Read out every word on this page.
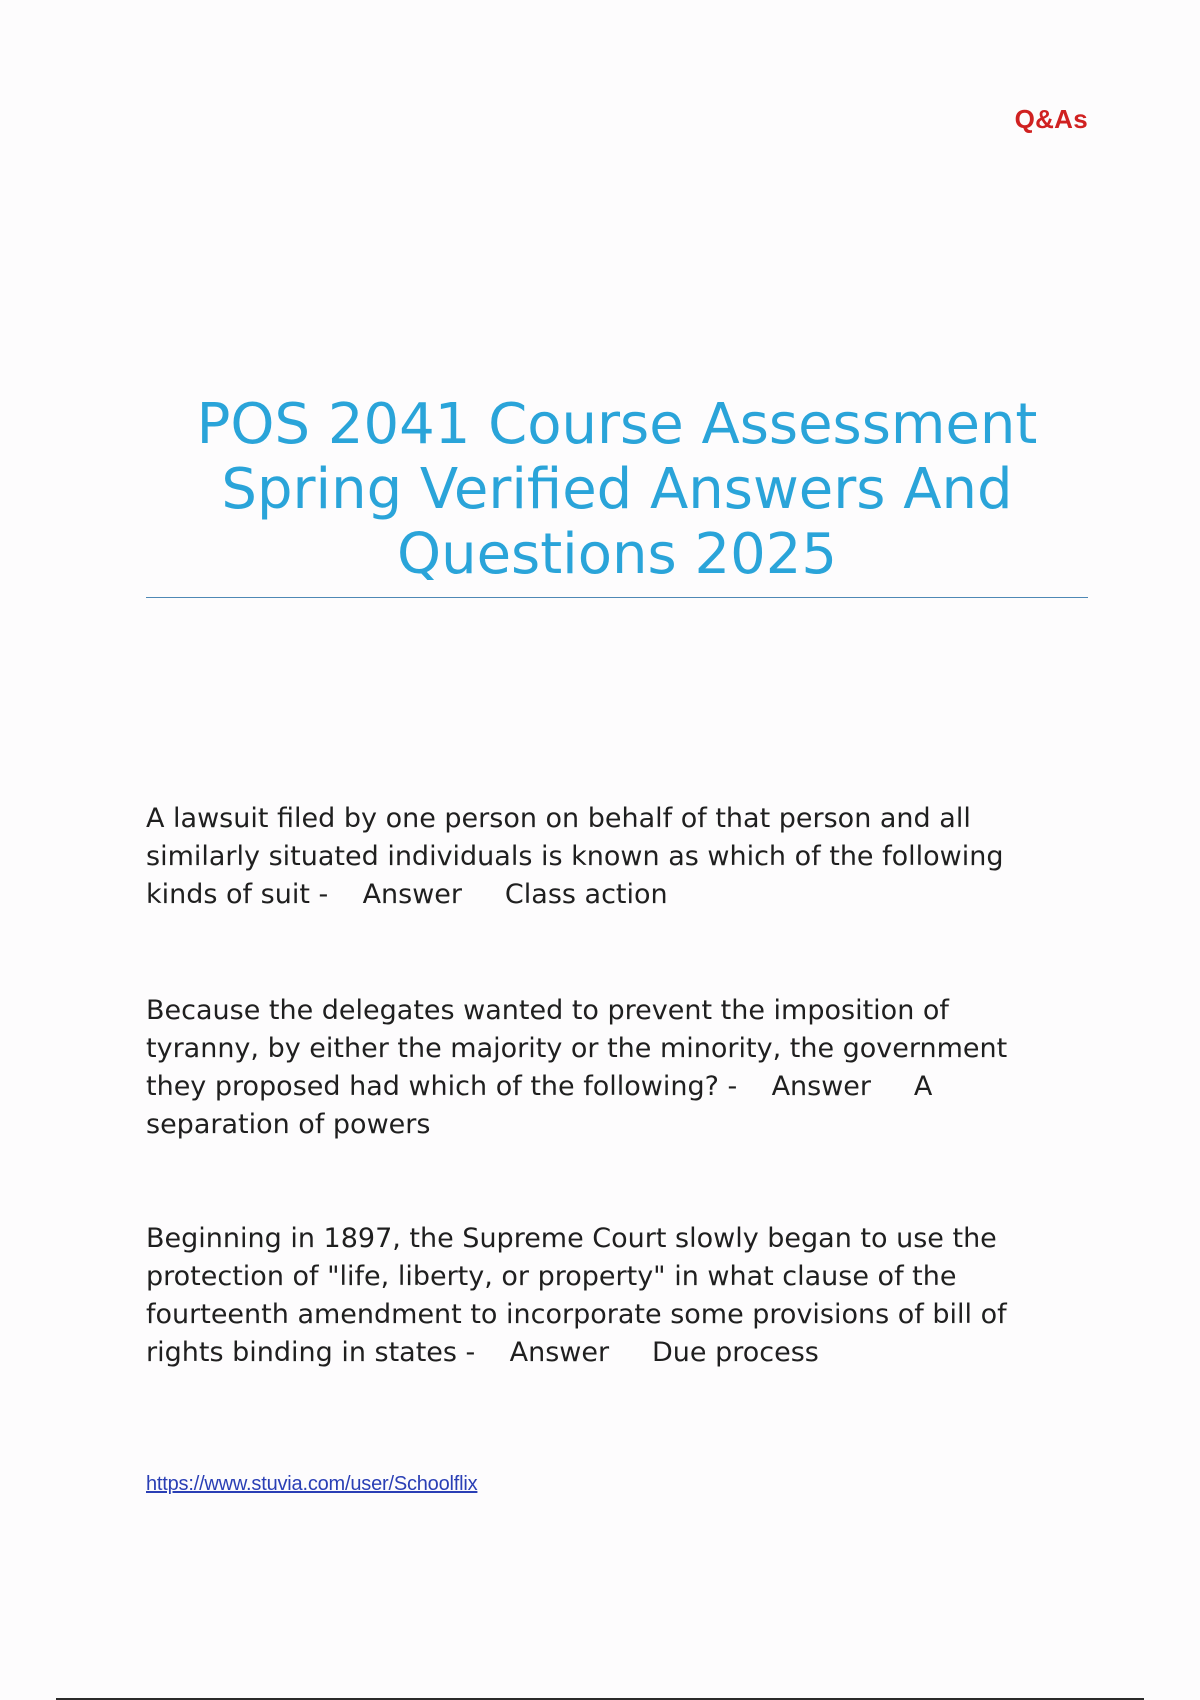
Q&As
POS 2041 Course Assessment
Spring Verified Answers And
Questions 2025
A lawsuit filed by one person on behalf of that person and all
similarly situated individuals is known as which of the following
kinds of suit -    Answer     Class action
Because the delegates wanted to prevent the imposition of
tyranny, by either the majority or the minority, the government
they proposed had which of the following? -    Answer     A
separation of powers
Beginning in 1897, the Supreme Court slowly began to use the
protection of "life, liberty, or property" in what clause of the
fourteenth amendment to incorporate some provisions of bill of
rights binding in states -    Answer     Due process
https://www.stuvia.com/user/Schoolflix
